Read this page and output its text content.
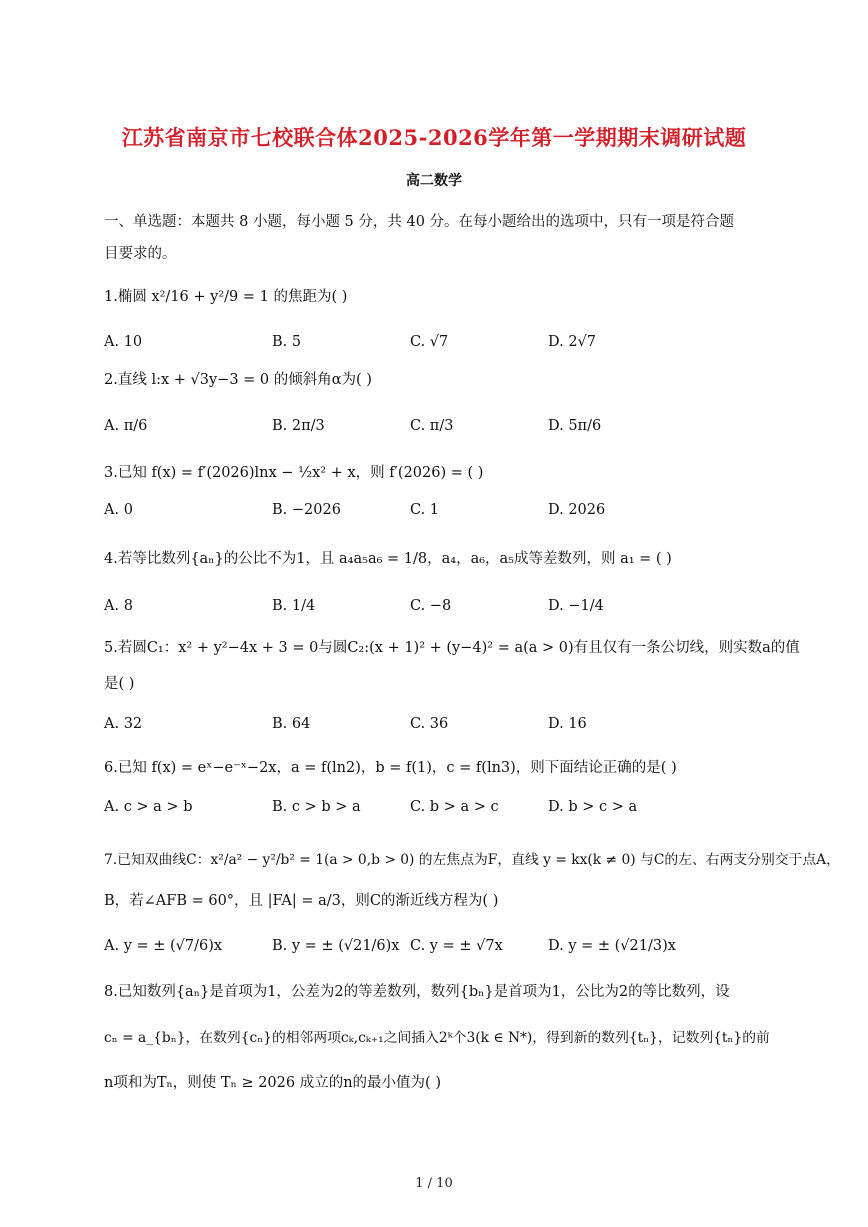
江苏省南京市七校联合体2025-2026学年第一学期期末调研试题
高二数学
一、单选题：本题共 8 小题，每小题 5 分，共 40 分。在每小题给出的选项中，只有一项是符合题
目要求的。
1.椭圆 x²/16 + y²/9 = 1 的焦距为( )
A. 10	B. 5	C. √7	D. 2√7
2.直线 l:x + √3y−3 = 0 的倾斜角α为( )
A. π/6	B. 2π/3	C. π/3	D. 5π/6
3.已知 f(x) = f′(2026)lnx − ½x² + x，则 f′(2026) = ( )
A. 0	B. −2026	C. 1	D. 2026
4.若等比数列{aₙ}的公比不为1，且 a₄a₅a₆ = 1/8，a₄，a₆，a₅成等差数列，则 a₁ = ( )
A. 8	B. 1/4	C. −8	D. −1/4
5.若圆C₁：x² + y²−4x + 3 = 0与圆C₂:(x + 1)² + (y−4)² = a(a > 0)有且仅有一条公切线，则实数a的值
是( )
A. 32	B. 64	C. 36	D. 16
6.已知 f(x) = eˣ−e⁻ˣ−2x，a = f(ln2)，b = f(1)，c = f(ln3)，则下面结论正确的是( )
A. c > a > b	B. c > b > a	C. b > a > c	D. b > c > a
7.已知双曲线C：x²/a² − y²/b² = 1(a > 0,b > 0) 的左焦点为F，直线 y = kx(k ≠ 0) 与C的左、右两支分别交于点A，
B，若∠AFB = 60°，且 |FA| = a/3，则C的渐近线方程为( )
A. y = ± (√7/6)x	B. y = ± (√21/6)x C. y = ± √7x	D. y = ± (√21/3)x
8.已知数列{aₙ}是首项为1，公差为2的等差数列，数列{bₙ}是首项为1，公比为2的等比数列，设
cₙ = a_{bₙ}，在数列{cₙ}的相邻两项cₖ,cₖ₊₁之间插入2ᵏ个3(k ∈ N*)，得到新的数列{tₙ}，记数列{tₙ}的前
n项和为Tₙ，则使 Tₙ ≥ 2026 成立的n的最小值为( )
1 / 10
